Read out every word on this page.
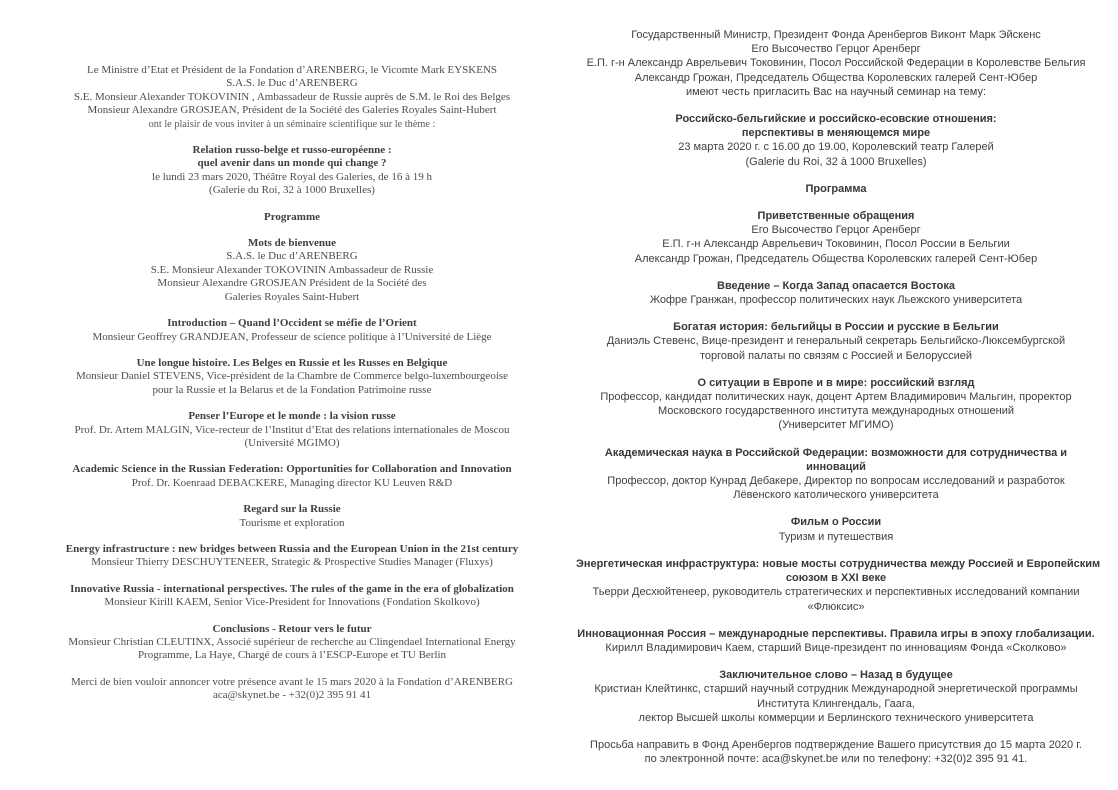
Le Ministre d’Etat et Président de la Fondation d’ARENBERG, le Vicomte Mark EYSKENS
S.A.S. le Duc d’ARENBERG
S.E. Monsieur Alexander TOKOVININ , Ambassadeur de Russie auprès de S.M. le Roi des Belges
Monsieur Alexandre GROSJEAN, Président de la Société des Galeries Royales Saint-Hubert
ont le plaisir de vous inviter à un séminaire scientifique sur le thème :
Relation russo-belge et russo-européenne :
quel avenir dans un monde qui change ?
le lundi 23 mars 2020, Théâtre Royal des Galeries, de 16 à 19 h
(Galerie du Roi, 32 à 1000 Bruxelles)
Programme
Mots de bienvenue
S.A.S. le Duc d’ARENBERG
S.E. Monsieur Alexander TOKOVININ Ambassadeur de Russie
Monsieur Alexandre GROSJEAN Président de la Société des
Galeries Royales Saint-Hubert
Introduction – Quand l’Occident se méfie de l’Orient
Monsieur Geoffrey GRANDJEAN, Professeur de science politique à l’Université de Liège
Une longue histoire. Les Belges en Russie et les Russes en Belgique
Monsieur Daniel STEVENS, Vice-président de la Chambre de Commerce belgo-luxembourgeoise
pour la Russie et la Belarus et de la Fondation Patrimoine russe
Penser l’Europe et le monde : la vision russe
Prof. Dr. Artem MALGIN, Vice-recteur de l’Institut d’Etat des relations internationales de Moscou
(Université MGIMO)
Academic Science in the Russian Federation: Opportunities for Collaboration and Innovation
Prof. Dr. Koenraad DEBACKERE, Managing director KU Leuven R&D
Regard sur la Russie
Tourisme et exploration
Energy infrastructure : new bridges between Russia and the European Union in the 21st century
Monsieur Thierry DESCHUYTENEER, Strategic & Prospective Studies Manager (Fluxys)
Innovative Russia - international perspectives. The rules of the game in the era of globalization
Monsieur Kirill KAEM, Senior Vice-President for Innovations (Fondation Skolkovo)
Conclusions - Retour vers le futur
Monsieur Christian CLEUTINX, Associé supérieur de recherche au Clingendael International Energy
Programme, La Haye, Chargé de cours à l’ESCP-Europe et TU Berlin
Merci de bien vouloir annoncer votre présence avant le 15 mars 2020 à la Fondation d’ARENBERG
aca@skynet.be - +32(0)2 395 91 41
Государственный Министр, Президент Фонда Аренбергов Виконт Марк Эйскенс
Его Высочество Герцог Аренберг
Е.П. г-н Александр Аврельевич Токовинин, Посол Российской Федерации в Королевстве Бельгия
Александр Грожан, Председатель Общества Королевских галерей Сент-Юбер
имеют честь пригласить Вас на научный семинар на тему:
Российско-бельгийские и российско-есовские отношения:
перспективы в меняющемся мире
23 марта 2020 г. с 16.00 до 19.00, Королевский театр Галерей
(Galerie du Roi, 32 à 1000 Bruxelles)
Программа
Приветственные обращения
Его Высочество Герцог Аренберг
Е.П. г-н Александр Аврельевич Токовинин, Посол России в Бельгии
Александр Грожан, Председатель Общества Королевских галерей Сент-Юбер
Введение – Когда Запад опасается Востока
Жофре Гранжан, профессор политических наук Льежского университета
Богатая история: бельгийцы в России и русские в Бельгии
Даниэль Стевенс, Вице-президент и генеральный секретарь Бельгийско-Люксембургской
торговой палаты по связям с Россией и Белоруссией
О ситуации в Европе и в мире: российский взгляд
Профессор, кандидат политических наук, доцент Артем Владимирович Мальгин, проректор
Московского государственного института международных отношений
(Университет МГИМО)
Академическая наука в Российской Федерации: возможности для сотрудничества и
инноваций
Профессор, доктор Кунрад Дебакере, Директор по вопросам исследований и разработок
Лёвенского католического университета
Фильм о России
Туризм и путешествия
Энергетическая инфраструктура: новые мосты сотрудничества между Россией и Европейским
союзом в XXI веке
Тьерри Десхюйтенеер, руководитель стратегических и перспективных исследований компании
«Флюксис»
Инновационная Россия – международные перспективы. Правила игры в эпоху глобализации.
Кирилл Владимирович Каем, старший Вице-президент по инновациям Фонда «Сколково»
Заключительное слово – Назад в будущее
Кристиан Клейтинкс, старший научный сотрудник Международной энергетической программы
Института Клингендаль, Гаага,
лектор Высшей школы коммерции и Берлинского технического университета
Просьба направить в Фонд Аренбергов подтверждение Вашего присутствия до 15 марта 2020 г.
по электронной почте: aca@skynet.be или по телефону: +32(0)2 395 91 41.
